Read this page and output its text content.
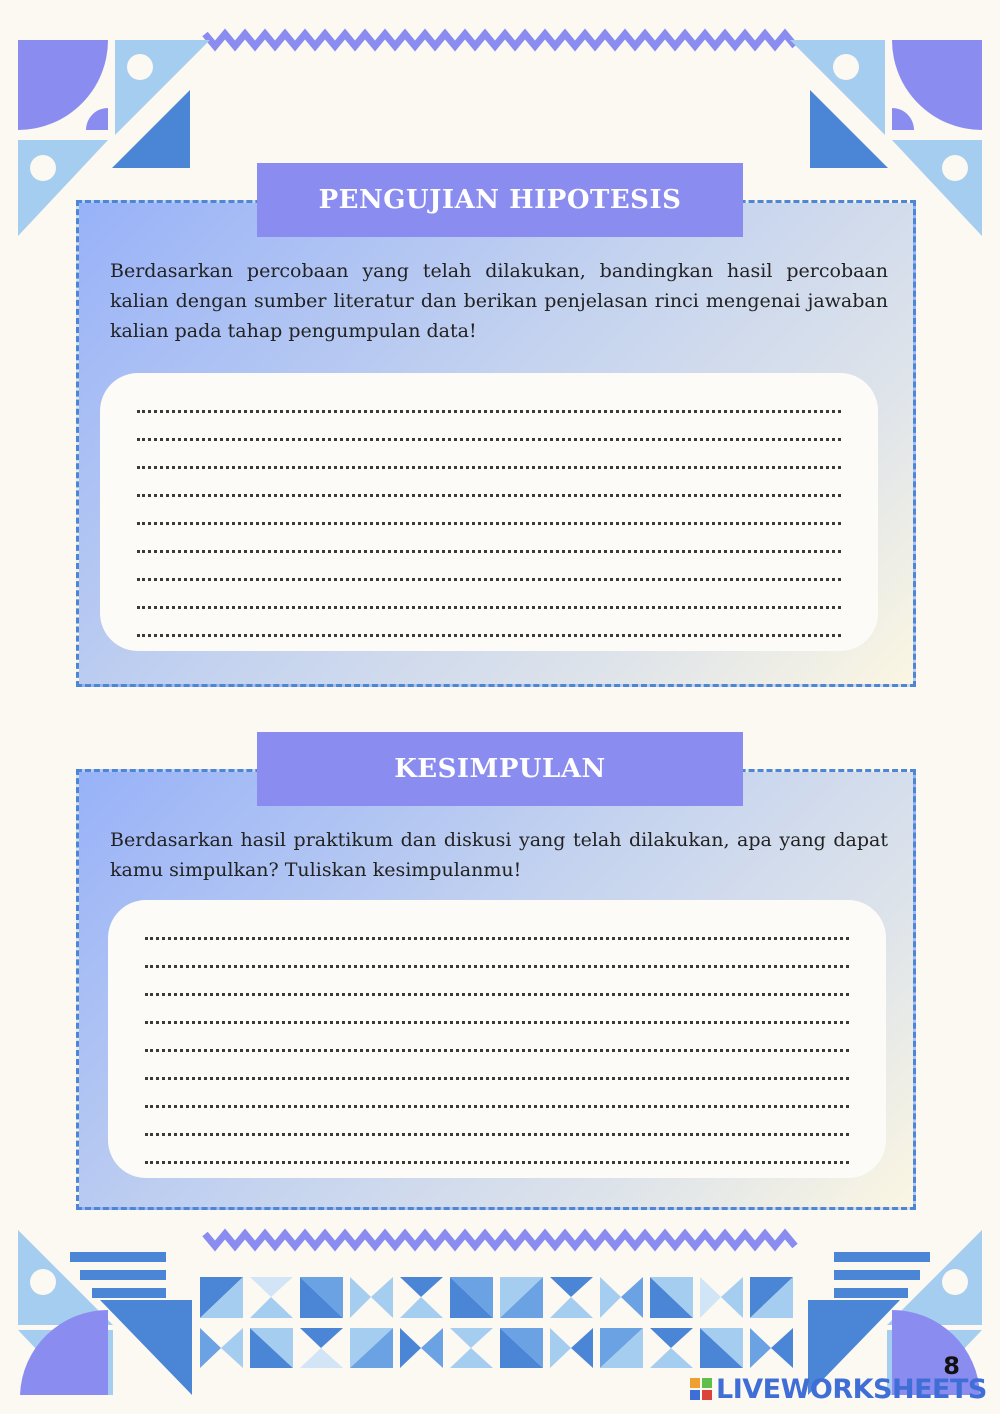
PENGUJIAN HIPOTESIS

Berdasarkan percobaan yang telah dilakukan, bandingkan hasil percobaan kalian dengan sumber literatur dan berikan penjelasan rinci mengenai jawaban kalian pada tahap pengumpulan data!

KESIMPULAN

Berdasarkan hasil praktikum dan diskusi yang telah dilakukan, apa yang dapat kamu simpulkan? Tuliskan kesimpulanmu!

8
LIVEWORKSHEETS
